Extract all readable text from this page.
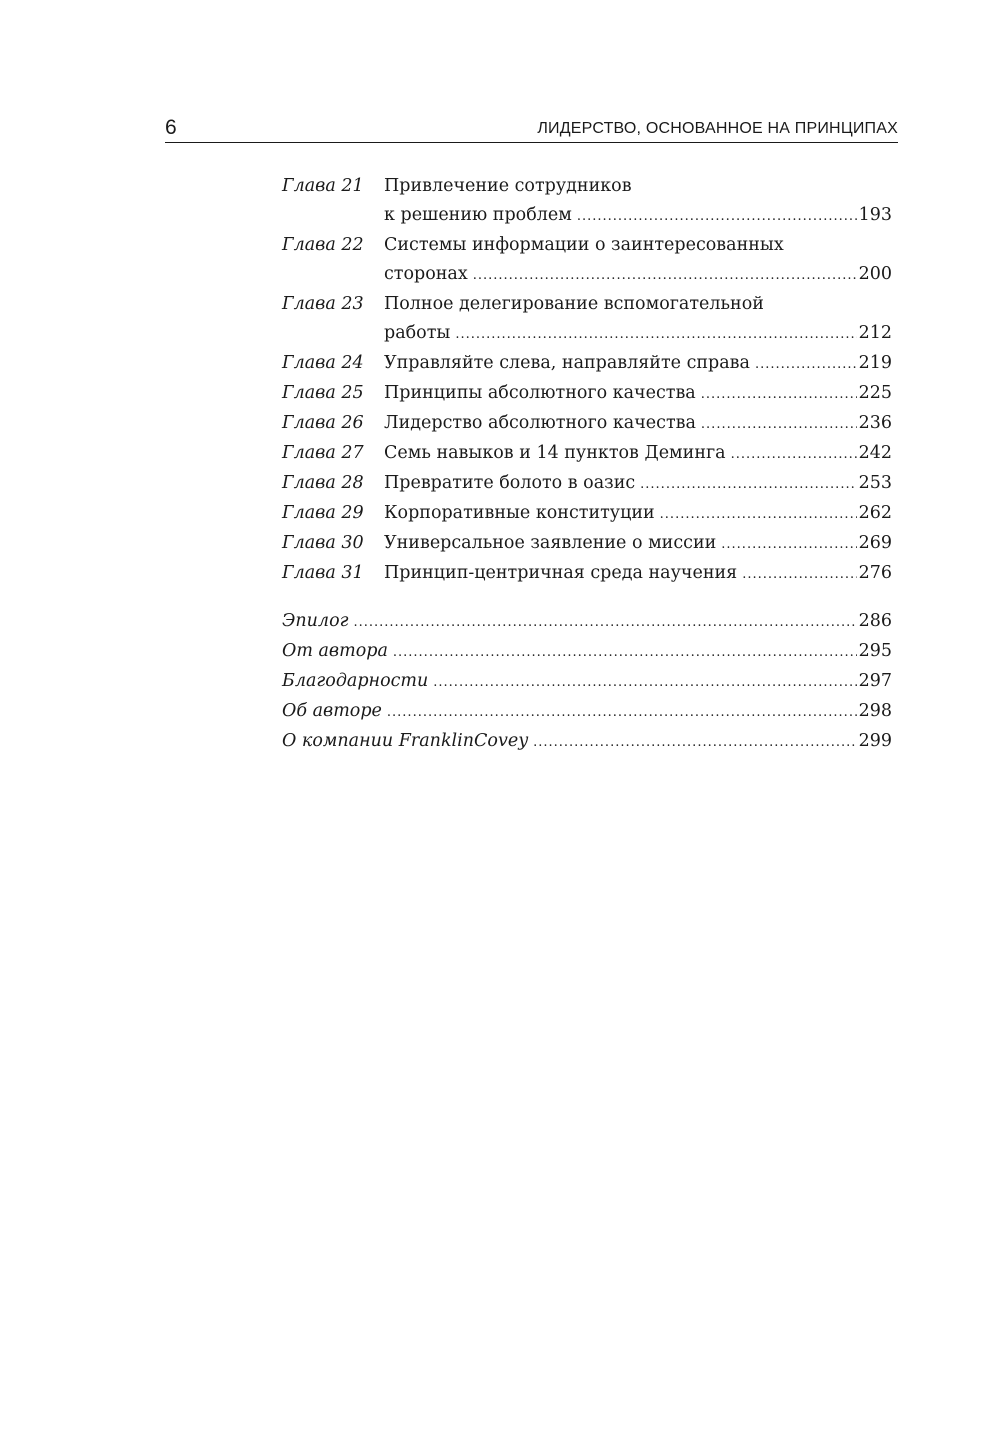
6	ЛИДЕРСТВО, ОСНОВАННОЕ НА ПРИНЦИПАХ
Глава 21	Привлечение сотрудников
к решению проблем .....	193
Глава 22	Системы информации о заинтересованных
сторонах .....	200
Глава 23	Полное делегирование вспомогательной
работы .....	212
Глава 24	Управляйте слева, направляйте справа .....	219
Глава 25	Принципы абсолютного качества .....	225
Глава 26	Лидерство абсолютного качества .....	236
Глава 27	Семь навыков и 14 пунктов Деминга .....	242
Глава 28	Превратите болото в оазис .....	253
Глава 29	Корпоративные конституции .....	262
Глава 30	Универсальное заявление о миссии .....	269
Глава 31	Принцип-центричная среда научения .....	276
Эпилог .....	286
От автора .....	295
Благодарности .....	297
Об авторе .....	298
О компании FranklinCovey .....	299
